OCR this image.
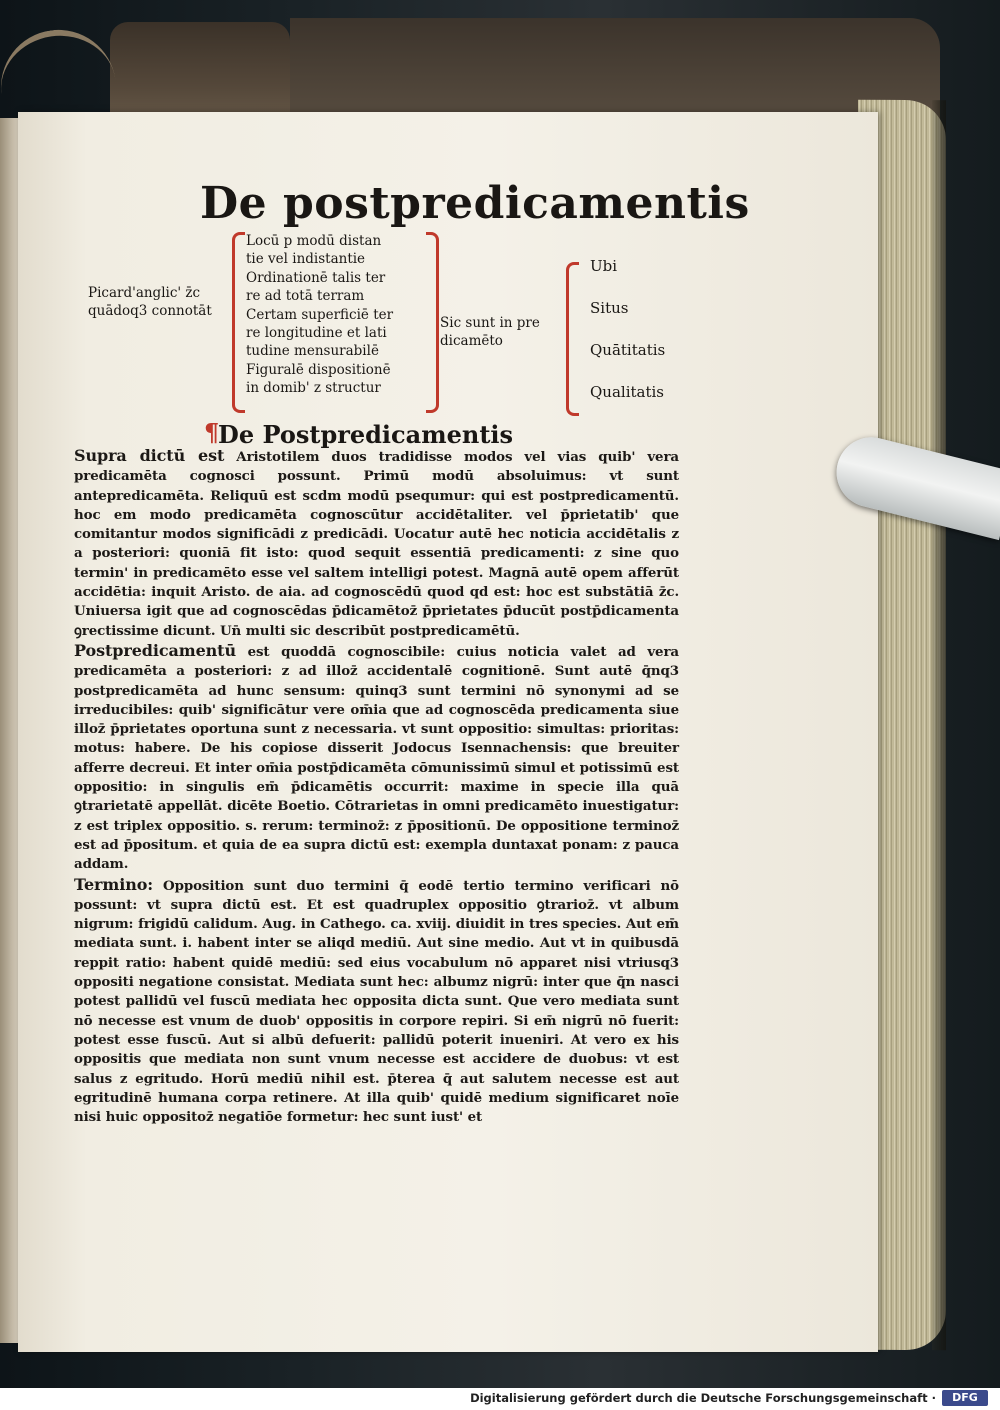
De postpredicamentis
Picard'anglic' z̄c
quādoq3 connotāt
Locū p modū distan
tie vel indistantie
Ordinationē talis ter
re ad totā terram
Certam superficiē ter
re longitudine et lati
tudine mensurabilē
Figuralē dispositionē
in domib' z structur
Sic sunt in pre
dicamēto
Ubi
Situs
Quātitatis
Qualitatis
¶
De Postpredicamentis

Supra dictū est Aristotilem duos tradidisse modos vel vias quib' vera predicamēta cognosci possunt. Primū modū absoluimus: vt sunt antepredicamēta. Reliquū est scdm modū psequmur: qui est postpredicamentū. hoc em modo predicamēta cognoscūtur accidētaliter. vel p̄prietatib' que comitantur modos significādi z predicādi. Uocatur autē hec noticia accidētalis z a posteriori: quoniā fit isto: quod sequit essentiā predicamenti: z sine quo termin' in predicamēto esse vel saltem intelligi potest. Magnā autē opem afferūt accidētia: inquit Aristo. de aia. ad cognoscēdū quod qd est: hoc est substātiā z̄c. Uniuersa igit que ad cognoscēdas p̄dicamētoz̄ p̄prietates p̄ducūt postp̄dicamenta ꝯrectissime dicunt. Un̄ multi sic describūt postpredicamētū.

Postpredicamentū est quoddā cognoscibile: cuius noticia valet ad vera predicamēta a posteriori: z ad illoz̄ accidentalē cognitionē. Sunt autē q̄nq3 postpredicamēta ad hunc sensum: quinq3 sunt termini nō synonymi ad se irreducibiles: quib' significātur vere om̄ia que ad cognoscēda predicamenta siue illoz̄ p̄prietates oportuna sunt z necessaria. vt sunt oppositio: simultas: prioritas: motus: habere. De his copiose disserit Jodocus Isennachensis: que breuiter afferre decreui. Et inter om̄ia postp̄dicamēta cōmunissimū simul et potissimū est oppositio: in singulis em̄ p̄dicamētis occurrit: maxime in specie illa quā ꝯtrarietatē appellāt. dicēte Boetio. Cōtrarietas in omni predicamēto inuestigatur: z est triplex oppositio. s. rerum: terminoz̄: z p̄positionū. De oppositione terminoz̄ est ad p̄positum. et quia de ea supra dictū est: exempla duntaxat ponam: z pauca addam.

Termino: Opposition sunt duo termini q̄ eodē tertio termino verificari nō possunt: vt supra dictū est. Et est quadruplex oppositio ꝯtrarioz̄. vt album nigrum: frigidū calidum. Aug. in Cathego. ca. xviij. diuidit in tres species. Aut em̄ mediata sunt. i. habent inter se aliqd mediū. Aut sine medio. Aut vt in quibusdā reppit ratio: habent quidē mediū: sed eius vocabulum nō apparet nisi vtriusq3 oppositi negatione consistat. Mediata sunt hec: albumz nigrū: inter que q̄n nasci potest pallidū vel fuscū mediata hec opposita dicta sunt. Que vero mediata sunt nō necesse est vnum de duob' oppositis in corpore repiri. Si em̄ nigrū nō fuerit: potest esse fuscū. Aut si albū defuerit: pallidū poterit inueniri. At vero ex his oppositis que mediata non sunt vnum necesse est accidere de duobus: vt est salus z egritudo. Horū mediū nihil est. p̄terea q̄ aut salutem necesse est aut egritudinē humana corpa retinere. At illa quib' quidē medium significaret noīe nisi huic oppositoz̄ negatiōe formetur: hec sunt iust' et

Digitalisierung gefördert durch die Deutsche Forschungsgemeinschaft ·	DFG
